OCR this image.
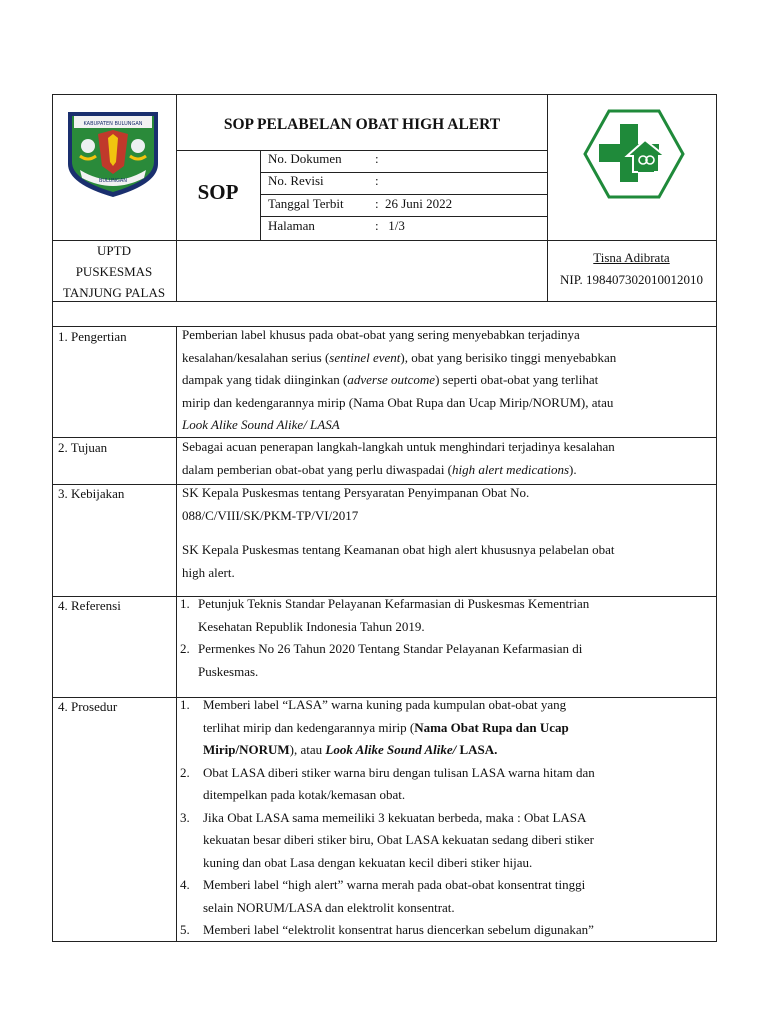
KABUPATEN BULUNGAN
BULUNGAN
SOP PELABELAN OBAT HIGH ALERT
SOP
No. Dokumen	:
No. Revisi	:
Tanggal Terbit : 26 Juni 2022
Halaman	: 1/3
UPTD
PUSKESMAS
TANJUNG PALAS
Tisna Adibrata
NIP. 198407302010012010
1. Pengertian	Pemberian label khusus pada obat-obat yang sering menyebabkan terjadinya
kesalahan/kesalahan serius (sentinel event), obat yang berisiko tinggi menyebabkan
dampak yang tidak diinginkan (adverse outcome) seperti obat-obat yang terlihat
mirip dan kedengarannya mirip (Nama Obat Rupa dan Ucap Mirip/NORUM), atau
Look Alike Sound Alike/ LASA
2. Tujuan	Sebagai acuan penerapan langkah-langkah untuk menghindari terjadinya kesalahan
dalam pemberian obat-obat yang perlu diwaspadai (high alert medications).
3. Kebijakan	SK Kepala Puskesmas tentang Persyaratan Penyimpanan Obat No.
088/C/VIII/SK/PKM-TP/VI/2017
SK Kepala Puskesmas tentang Keamanan obat high alert khususnya pelabelan obat
high alert.
4. Referensi	1. Petunjuk Teknis Standar Pelayanan Kefarmasian di Puskesmas Kementrian
Kesehatan Republik Indonesia Tahun 2019.
2. Permenkes No 26 Tahun 2020 Tentang Standar Pelayanan Kefarmasian di
Puskesmas.
4. Prosedur	1. Memberi label “LASA” warna kuning pada kumpulan obat-obat yang
terlihat mirip dan kedengarannya mirip (Nama Obat Rupa dan Ucap
Mirip/NORUM), atau Look Alike Sound Alike/ LASA.
2. Obat LASA diberi stiker warna biru dengan tulisan LASA warna hitam dan
ditempelkan pada kotak/kemasan obat.
3. Jika Obat LASA sama memeiliki 3 kekuatan berbeda, maka : Obat LASA
kekuatan besar diberi stiker biru, Obat LASA kekuatan sedang diberi stiker
kuning dan obat Lasa dengan kekuatan kecil diberi stiker hijau.
4. Memberi label “high alert” warna merah pada obat-obat konsentrat tinggi
selain NORUM/LASA dan elektrolit konsentrat.
5. Memberi label “elektrolit konsentrat harus diencerkan sebelum digunakan”
